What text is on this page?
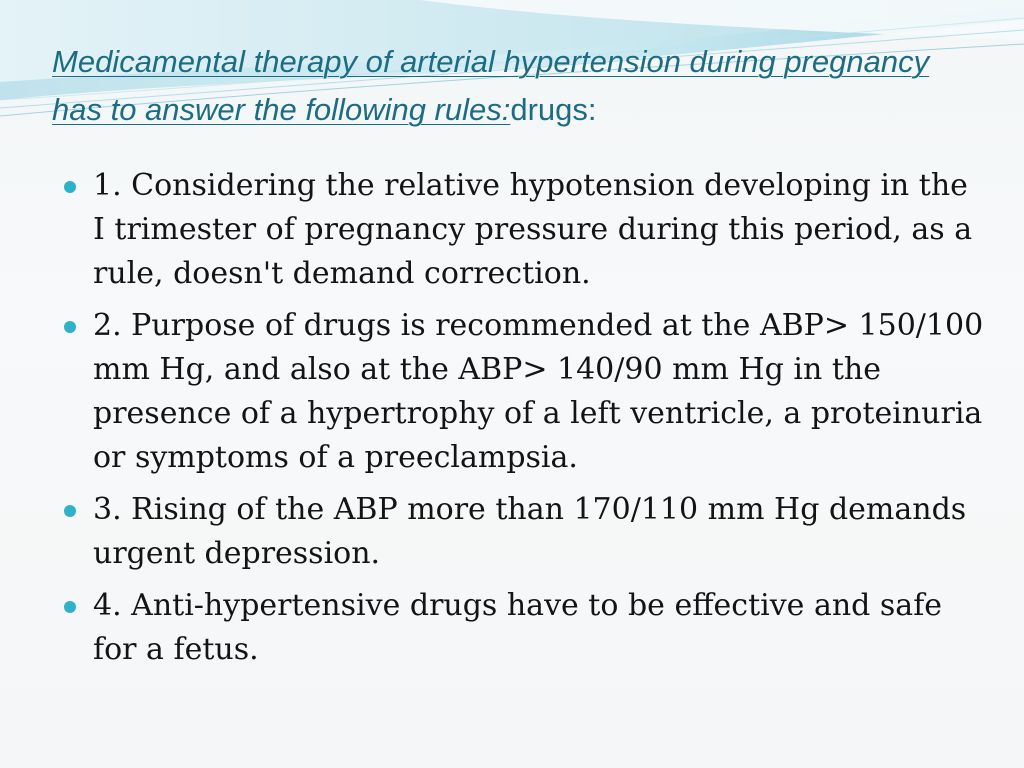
Medicamental therapy of arterial hypertension during pregnancy has to answer the following rules:drugs:
1. Considering the relative hypotension developing in the I trimester of pregnancy pressure during this period, as a rule, doesn't demand correction.
2. Purpose of drugs is recommended at the ABP> 150/100 mm Hg, and also at the ABP> 140/90 mm Hg in the presence of a hypertrophy of a left ventricle, a proteinuria or symptoms of a preeclampsia.
3. Rising of the ABP more than 170/110 mm Hg demands urgent depression.
4. Anti-hypertensive drugs have to be effective and safe for a fetus.
